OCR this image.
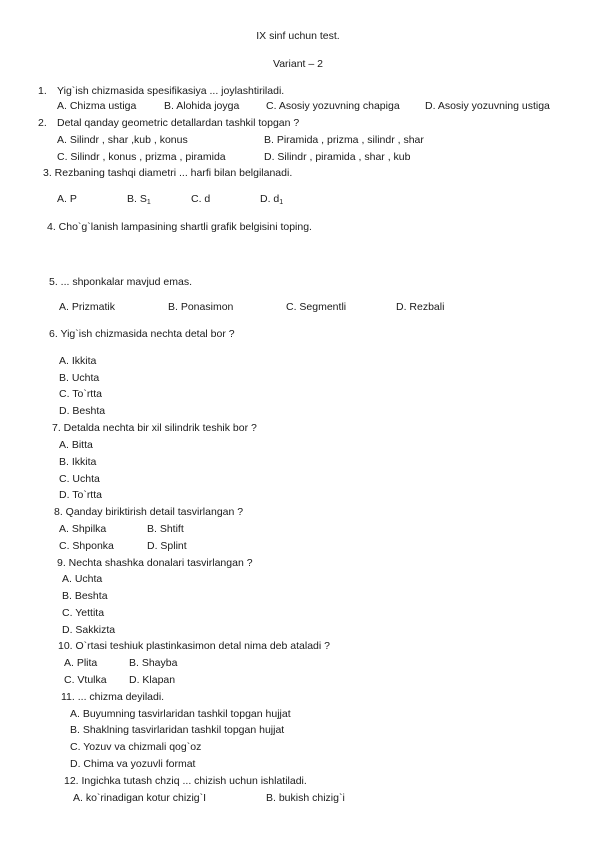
IX sinf uchun test.
Variant – 2
1. Yig`ish chizmasida spesifikasiya ... joylashtiriladi.
A. Chizma ustiga	B. Alohida joyga	C. Asosiy yozuvning chapiga D. Asosiy yozuvning ustiga
2. Detal qanday geometric detallardan tashkil topgan ?
A. Silindr , shar ,kub , konus	B. Piramida , prizma , silindr , shar
C. Silindr , konus , prizma , piramida	D. Silindr , piramida , shar , kub
3. Rezbaning tashqi diametri ... harfi bilan belgilanadi.
A. P	B. $S_1$	C. d	D. $d_1$
4. Cho`g`lanish lampasining shartli grafik belgisini toping.
5. ... shponkalar mavjud emas.
A. Prizmatik	B. Ponasimon	C. Segmentli	D. Rezbali
6. Yig`ish chizmasida nechta detal bor ?
A. Ikkita
B. Uchta
C. To`rtta
D. Beshta
7. Detalda nechta bir xil silindrik teshik bor ?
A. Bitta
B. Ikkita
C. Uchta
D. To`rtta
8. Qanday biriktirish detail tasvirlangan ?
A. Shpilka	B. Shtift
C. Shponka	D. Splint
9. Nechta shashka donalari tasvirlangan ?
A. Uchta
B. Beshta
C. Yettita
D. Sakkizta
10. O`rtasi teshiuk plastinkasimon detal nima deb ataladi ?
A. Plita	B. Shayba
C. Vtulka D. Klapan
11. ... chizma deyiladi.
A. Buyumning tasvirlaridan tashkil topgan hujjat
B. Shaklning tasvirlaridan tashkil topgan hujjat
C. Yozuv va chizmali qog`oz
D. Chima va yozuvli format
12. Ingichka tutash chziq ... chizish uchun ishlatiladi.
A. ko`rinadigan kotur chizig`I	B. bukish chizig`i
